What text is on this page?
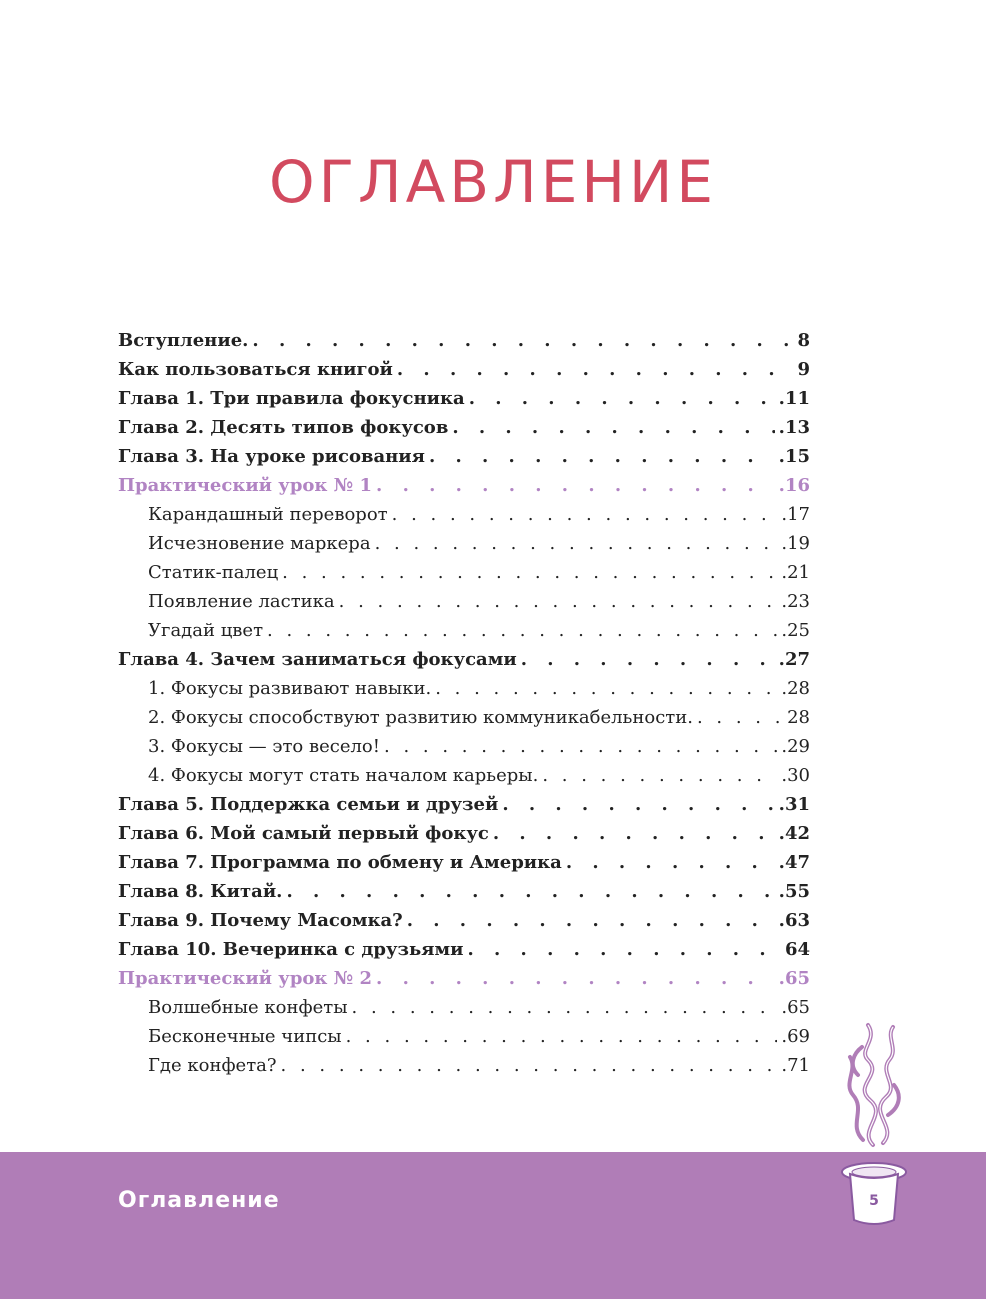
ОГЛАВЛЕНИЕ
Вступление. . . .	8
Как пользоваться книгой . . .	9
Глава 1. Три правила фокусника . . .	.11
Глава 2. Десять типов фокусов . . .	.13
Глава 3. На уроке рисования . . .	.15
Практический урок № 1 . . .	.16
Карандашный переворот . . .	.17
Исчезновение маркера . . .	.19
Статик-палец . . .	.21
Появление ластика . . .	.23
Угадай цвет . . .	.25
Глава 4. Зачем заниматься фокусами . . .	.27
1. Фокусы развивают навыки. . . .	.28
2. Фокусы способствуют развитию коммуникабельности. . . .	28
3. Фокусы — это весело! . . .	.29
4. Фокусы могут стать началом карьеры. . . .	.30
Глава 5. Поддержка семьи и друзей . . .	.31
Глава 6. Мой самый первый фокус . . .	.42
Глава 7. Программа по обмену и Америка . . .	.47
Глава 8. Китай. . . .	.55
Глава 9. Почему Масомка? . . .	.63
Глава 10. Вечеринка с друзьями . . .	64
Практический урок № 2 . . .	.65
Волшебные конфеты . . .	.65
Бесконечные чипсы . . .	.69
Где конфета? . . .	.71
Оглавление	5
